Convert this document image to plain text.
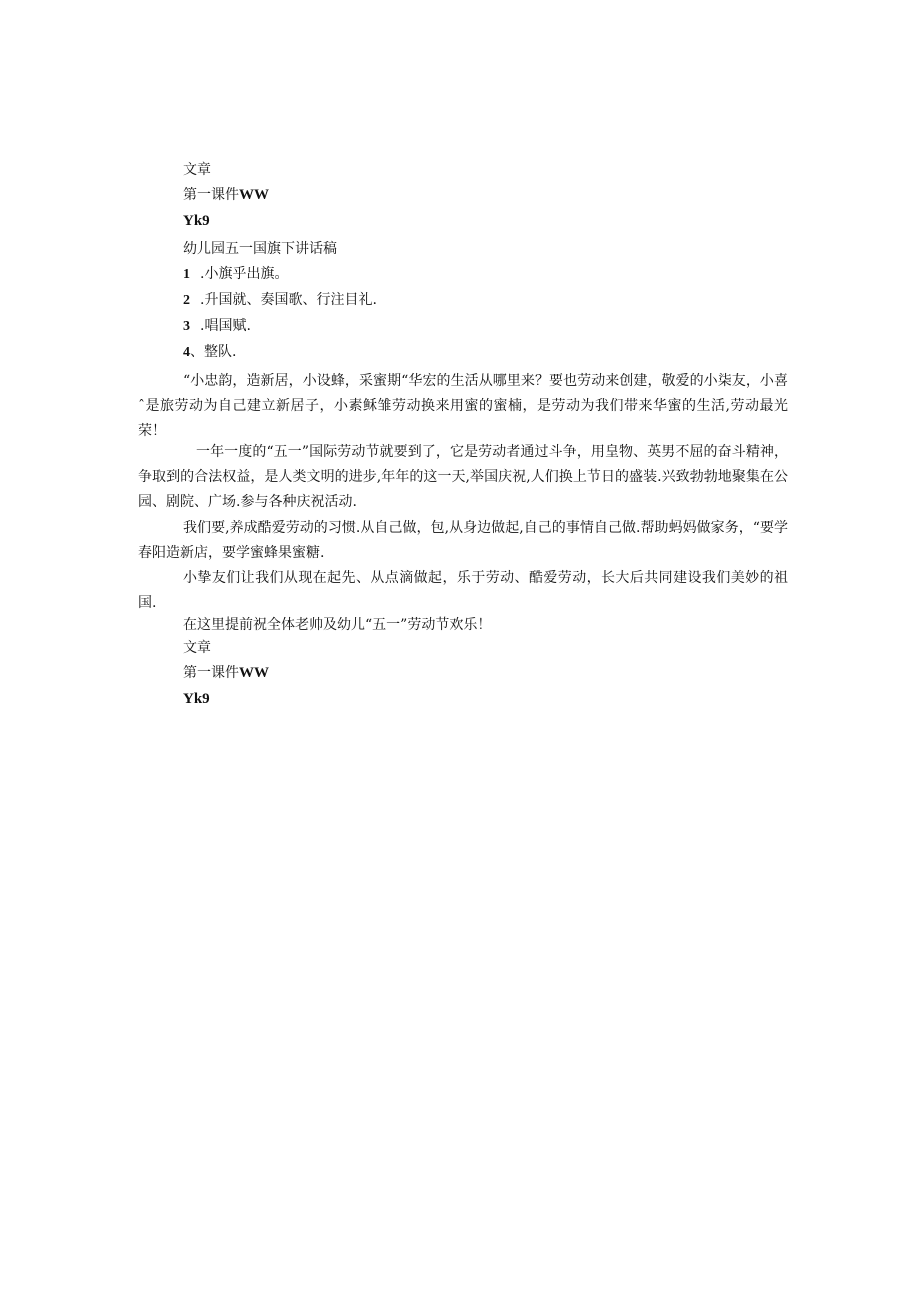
文章
第一课件WW
Yk9
幼儿园五一国旗下讲话稿
1 .小旗乎出旗。
2 .升国就、奏国歌、行注目礼.
3 .唱国赋.
4、整队.
“小忠韵，造新居，小设蜂，采蜜期“华宏的生活从哪里来？要也劳动来创建，敬爱的小柒友，小喜ˆ是旅劳动为自己建立新居子，小素稣雏劳动换来用蜜的蜜楠，是劳动为我们带来华蜜的生活,劳动最光荣！
一年一度的“五一”国际劳动节就要到了，它是劳动者通过斗争，用皇物、英男不屈的奋斗精神，争取到的合法权益，是人类文明的进步,年年的这一天,举国庆祝,人们换上节日的盛装.兴致勃勃地聚集在公园、剧院、广场.参与各种庆祝活动.
我们要,养成酷爱劳动的习惯.从自己做，包,从身边做起,自己的事情自己做.帮助蚂妈做家务，“要学春阳造新店，要学蜜蜂果蜜糖.
小挚友们让我们从现在起先、从点滴做起，乐于劳动、酷爱劳动，长大后共同建设我们美妙的祖国.
在这里提前祝全体老帅及幼儿“五一”劳动节欢乐！
文章
第一课件WW
Yk9
